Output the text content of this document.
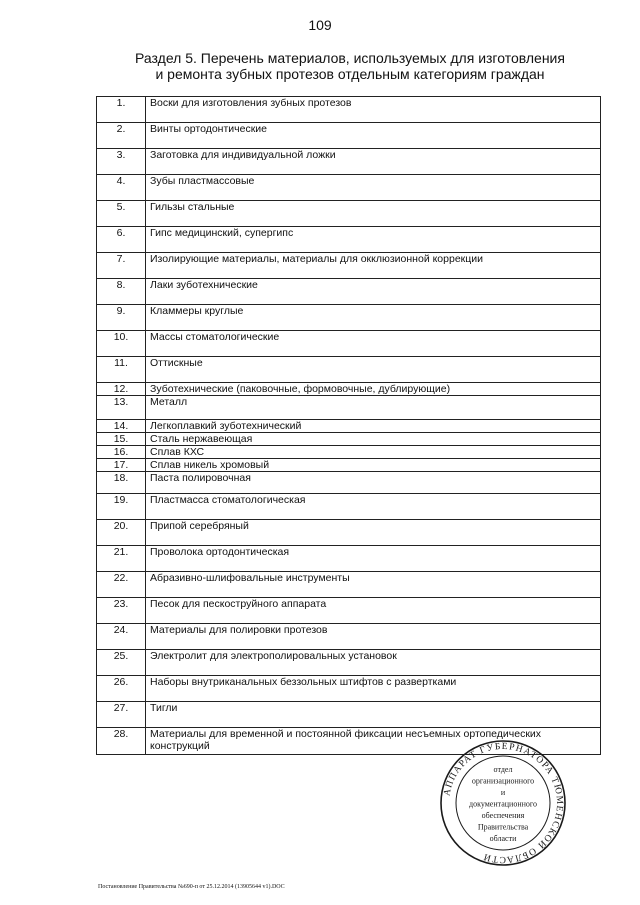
109
Раздел 5. Перечень материалов, используемых для изготовления
и ремонта зубных протезов отдельным категориям граждан
1.	Воски для изготовления зубных протезов
2.	Винты ортодонтические
3.	Заготовка для индивидуальной ложки
4.	Зубы пластмассовые
5.	Гильзы стальные
6.	Гипс медицинский, супергипс
7.	Изолирующие материалы, материалы для окклюзионной коррекции
8.	Лаки зуботехнические
9.	Кламмеры круглые
10.	Массы стоматологические
11.	Оттискные
12.	Зуботехнические (паковочные, формовочные, дублирующие)
13.	Металл
14.	Легкоплавкий зуботехнический
15.	Сталь нержавеющая
16.	Сплав КХС
17.	Сплав никель хромовый
18.	Паста полировочная
19.	Пластмасса стоматологическая
20.	Припой серебряный
21.	Проволока ортодонтическая
22.	Абразивно-шлифовальные инструменты
23.	Песок для пескоструйного аппарата
24.	Материалы для полировки протезов
25.	Электролит для электрополировальных установок
26.	Наборы внутриканальных беззольных штифтов с развертками
27.	Тигли
28.	Материалы для временной и постоянной фиксации несъемных ортопедических конструкций
АППАРАТ ГУБЕРНАТОРА ТЮМЕНСКОЙ ОБЛАСТИ
отдел
организационного
и
документационного
обеспечения
Правительства
области
Постановление Правительства №690-п от 25.12.2014 (13905644 v1).DOC
